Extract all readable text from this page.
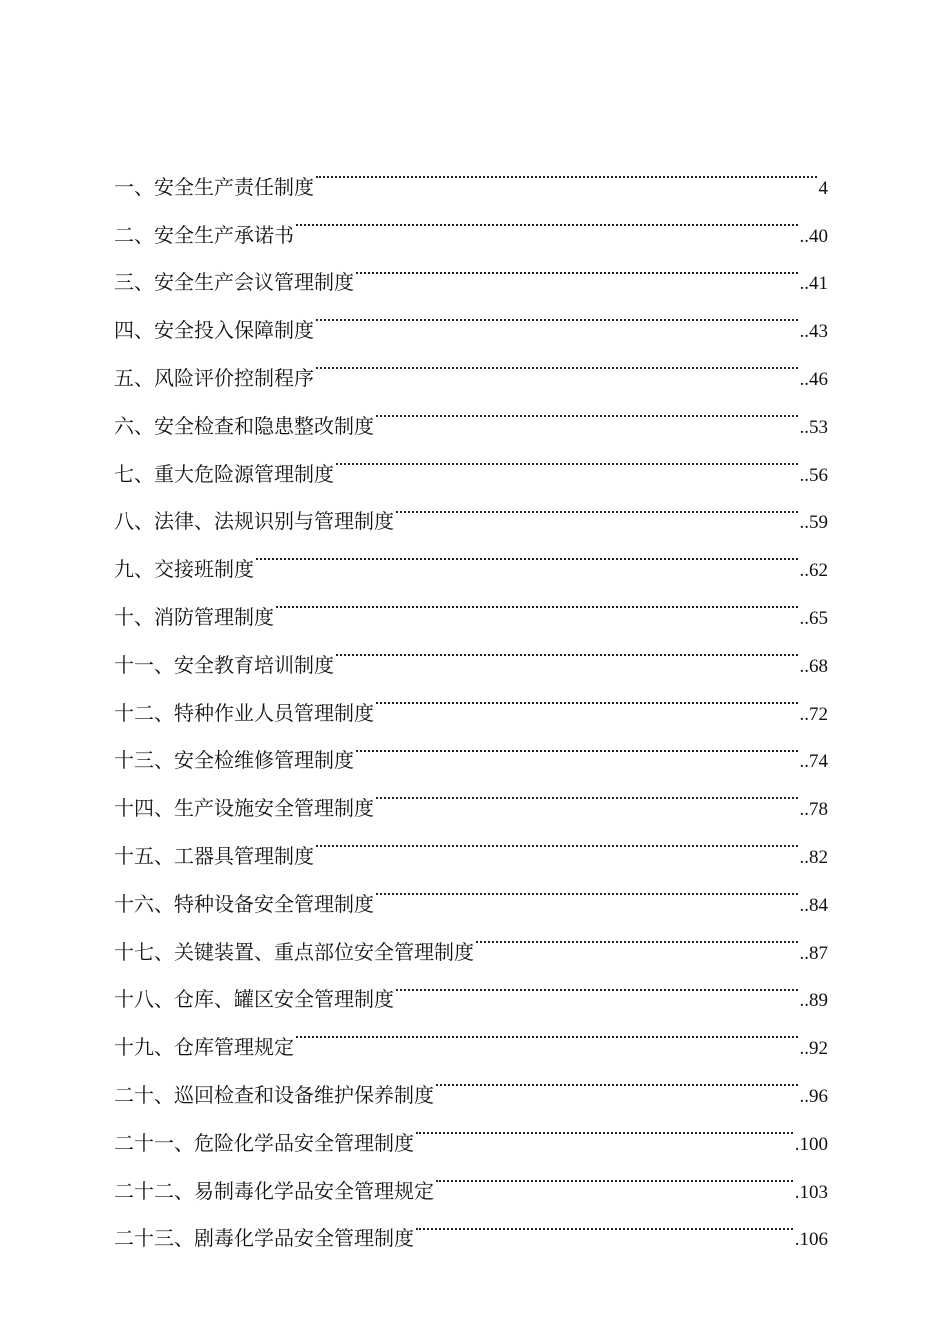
一、安全生产责任制度	4
二、安全生产承诺书	..40
三、安全生产会议管理制度	..41
四、安全投入保障制度	..43
五、风险评价控制程序	..46
六、安全检查和隐患整改制度	..53
七、重大危险源管理制度	..56
八、法律、法规识别与管理制度	..59
九、交接班制度	..62
十、消防管理制度	..65
十一、安全教育培训制度	..68
十二、特种作业人员管理制度	..72
十三、安全检维修管理制度	..74
十四、生产设施安全管理制度	..78
十五、工器具管理制度	..82
十六、特种设备安全管理制度	..84
十七、关键装置、重点部位安全管理制度	..87
十八、仓库、罐区安全管理制度	..89
十九、仓库管理规定	..92
二十、巡回检查和设备维护保养制度	..96
二十一、危险化学品安全管理制度	.100
二十二、易制毒化学品安全管理规定	.103
二十三、剧毒化学品安全管理制度	.106
